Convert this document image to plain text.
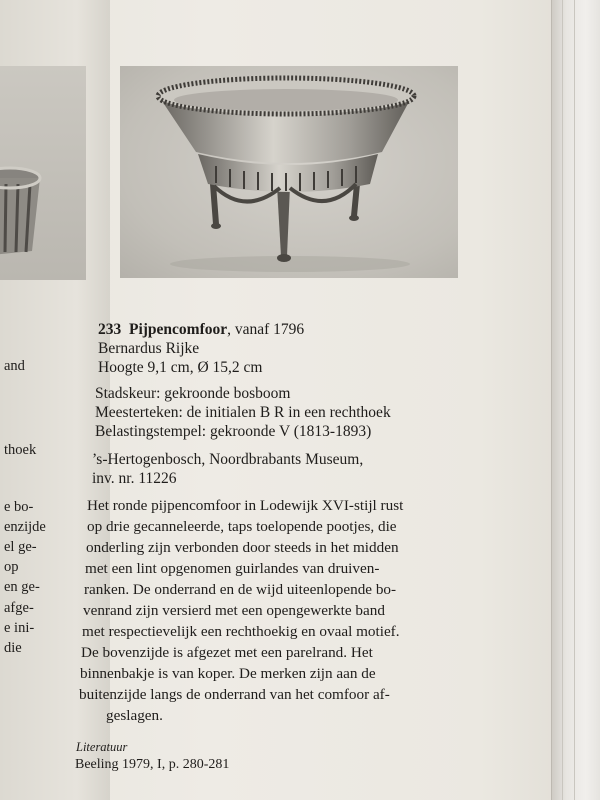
and
thoek
e bo-
enzijde
el ge-
op
en ge-
afge-
e ini-
die
233 Pijpencomfoor, vanaf 1796
Bernardus Rijke
Hoogte 9,1 cm, Ø 15,2 cm
Stadskeur: gekroonde bosboom
Meesterteken: de initialen B R in een rechthoek
Belastingstempel: gekroonde V (1813-1893)
’s-Hertogenbosch, Noordbrabants Museum,
inv. nr. 11226
Het ronde pijpencomfoor in Lodewijk XVI-stijl rust
op drie gecanneleerde, taps toelopende pootjes, die
onderling zijn verbonden door steeds in het midden
met een lint opgenomen guirlandes van druiven-
ranken. De onderrand en de wijd uiteenlopende bo-
venrand zijn versierd met een opengewerkte band
met respectievelijk een rechthoekig en ovaal motief.
De bovenzijde is afgezet met een parelrand. Het
binnenbakje is van koper. De merken zijn aan de
buitenzijde langs de onderrand van het comfoor af-
geslagen.
Literatuur
Beeling 1979, I, p. 280-281
